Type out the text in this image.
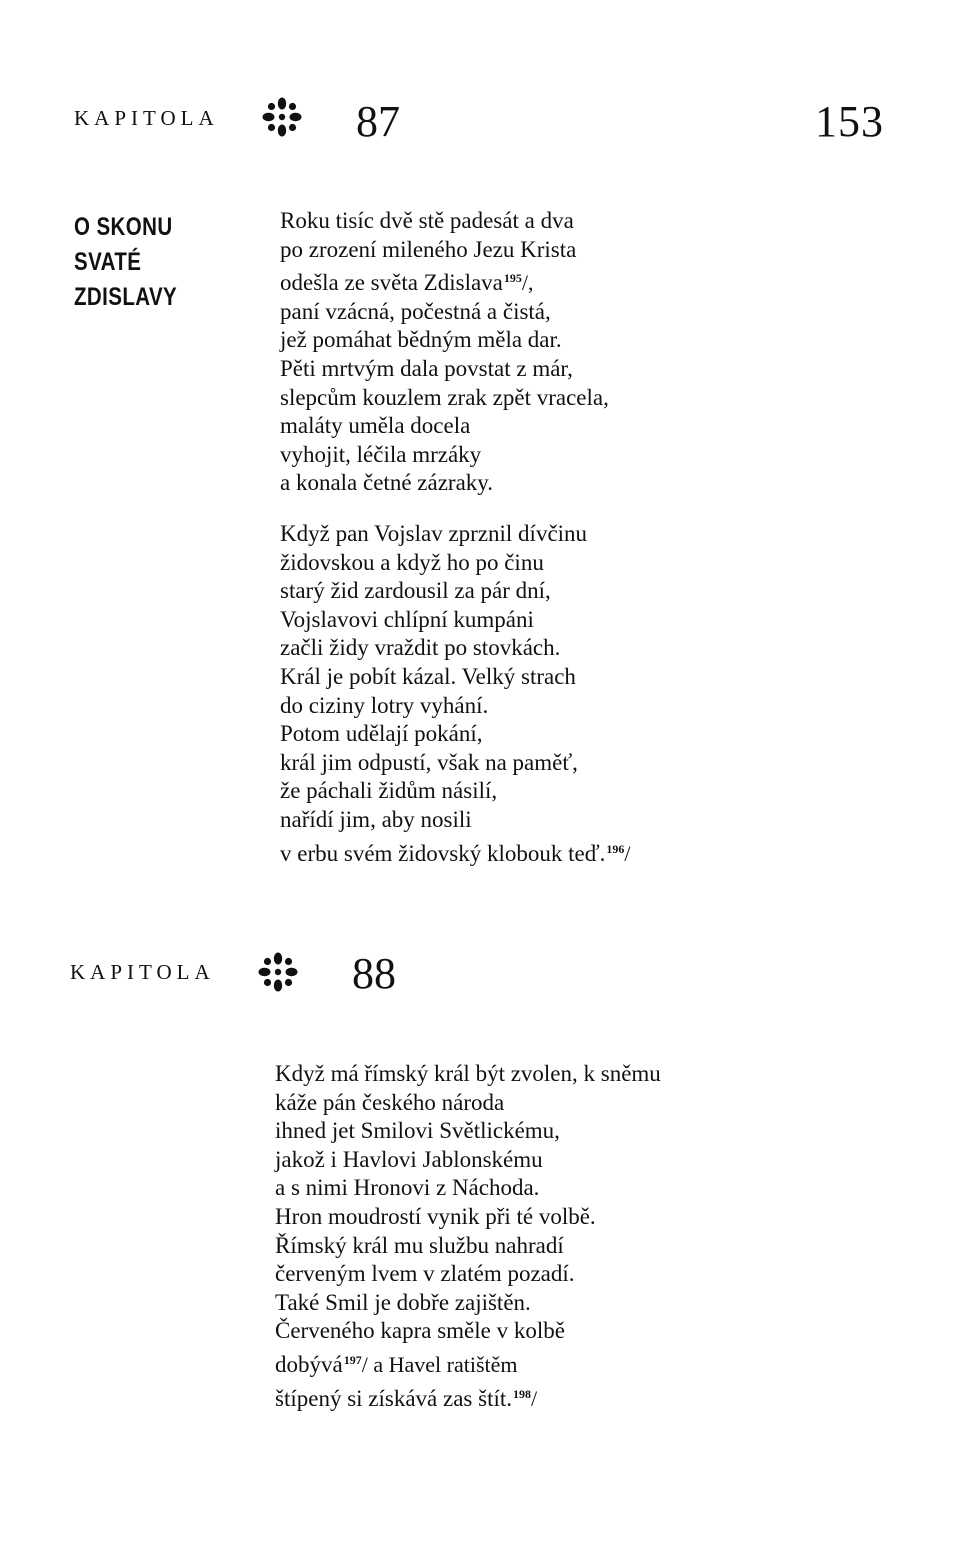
KAPITOLA	87	153
O SKONU
SVATÉ
ZDISLAVY
Roku tisíc dvě stě padesát a dva
po zrození mileného Jezu Krista
odešla ze světa Zdislava$^{195}$/,
paní vzácná, počestná a čistá,
jež pomáhat bědným měla dar.
Pěti mrtvým dala povstat z már,
slepcům kouzlem zrak zpět vracela,
maláty uměla docela
vyhojit, léčila mrzáky
a konala četné zázraky.
Když pan Vojslav zprznil dívčinu
židovskou a když ho po činu
starý žid zardousil za pár dní,
Vojslavovi chlípní kumpáni
začli židy vraždit po stovkách.
Král je pobít kázal. Velký strach
do ciziny lotry vyhání.
Potom udělají pokání,
král jim odpustí, však na paměť,
že páchali židům násilí,
nařídí jim, aby nosili
v erbu svém židovský klobouk teď.$^{196}$/
KAPITOLA	88
Když má římský král být zvolen, k sněmu
káže pán českého národa
ihned jet Smilovi Světlickému,
jakož i Havlovi Jablonskému
a s nimi Hronovi z Náchoda.
Hron moudrostí vynik při té volbě.
Římský král mu službu nahradí
červeným lvem v zlatém pozadí.
Také Smil je dobře zajištěn.
Červeného kapra směle v kolbě
dobývá$^{197}$/ a Havel ratištěm
štípený si získává zas štít.$^{198}$/
